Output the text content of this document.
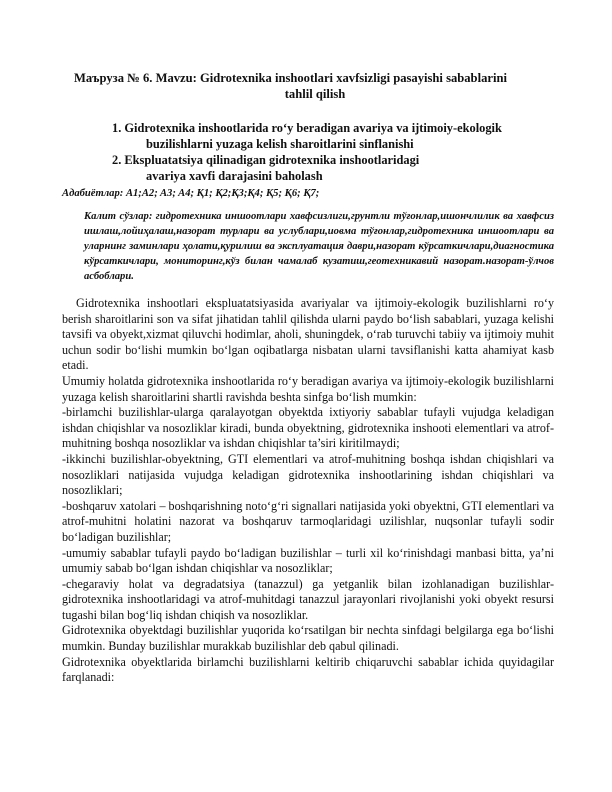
Маъруза № 6. Mavzu: Gidrotexnika inshootlari xavfsizligi pasayishi sabablarini
tahlil qilish
1. Gidrotexnika inshootlarida ro‘y beradigan avariya va ijtimoiy-ekologik
buzilishlarni yuzaga kelish sharoitlarini sinflanishi
2. Ekspluatatsiya qilinadigan gidrotexnika inshootlaridagi
avariya xavfi darajasini baholash
Адабиётлар: A1;A2; A3; A4; Қ1; Қ2;Қ3;Қ4; Қ5; Қ6; Қ7;
Калит сўзлар: гидротехника иншоотлари хавфсизлиги,грунтли тўғонлар,ишончлилик ва хавфсиз ишлаш,лойиҳалаш,назорат турлари ва услублари,иовма тўғонлар,гидротехника иншоотлари ва уларнинг заминлари ҳолати,қурилиш ва эксплуатация даври,назорат кўрсаткичлари,диагностика кўрсаткичлари, мониторинг,кўз билан чамалаб кузатиш,геотехникавий назорат.назорат-ўлчов асбоблари.

Gidrotexnika inshootlari ekspluatatsiyasida avariyalar va ijtimoiy-ekologik buzilishlarni ro‘y berish sharoitlarini son va sifat jihatidan tahlil qilishda ularni paydo bo‘lish sabablari, yuzaga kelishi tavsifi va obyekt,xizmat qiluvchi hodimlar, aholi, shuningdek, o‘rab turuvchi tabiiy va ijtimoiy muhit uchun sodir bo‘lishi mumkin bo‘lgan oqibatlarga nisbatan ularni tavsiflanishi katta ahamiyat kasb etadi.

Umumiy holatda gidrotexnika inshootlarida ro‘y beradigan avariya va ijtimoiy-ekologik buzilishlarni yuzaga kelish sharoitlarini shartli ravishda beshta sinfga bo‘lish mumkin:

-birlamchi buzilishlar-ularga qaralayotgan obyektda ixtiyoriy sabablar tufayli vujudga keladigan ishdan chiqishlar va nosozliklar kiradi, bunda obyektning, gidrotexnika inshooti elementlari va atrof-muhitning boshqa nosozliklar va ishdan chiqishlar ta’siri kiritilmaydi;

-ikkinchi buzilishlar-obyektning, GTI elementlari va atrof-muhitning boshqa ishdan chiqishlari va nosozliklari natijasida vujudga keladigan gidrotexnika inshootlarining ishdan chiqishlari va nosozliklari;

-boshqaruv xatolari – boshqarishning noto‘g‘ri signallari natijasida yoki obyektni, GTI elementlari va atrof-muhitni holatini nazorat va boshqaruv tarmoqlaridagi uzilishlar, nuqsonlar tufayli sodir bo‘ladigan buzilishlar;

-umumiy sabablar tufayli paydo bo‘ladigan buzilishlar – turli xil ko‘rinishdagi manbasi bitta, ya’ni umumiy sabab bo‘lgan ishdan chiqishlar va nosozliklar;

-chegaraviy holat va degradatsiya (tanazzul) ga yetganlik bilan izohlanadigan buzilishlar-gidrotexnika inshootlaridagi va atrof-muhitdagi tanazzul jarayonlari rivojlanishi yoki obyekt resursi tugashi bilan bog‘liq ishdan chiqish va nosozliklar.

Gidrotexnika obyektdagi buzilishlar yuqorida ko‘rsatilgan bir nechta sinfdagi belgilarga ega bo‘lishi mumkin. Bunday buzilishlar murakkab buzilishlar deb qabul qilinadi.

Gidrotexnika obyektlarida birlamchi buzilishlarni keltirib chiqaruvchi sabablar ichida quyidagilar farqlanadi:
